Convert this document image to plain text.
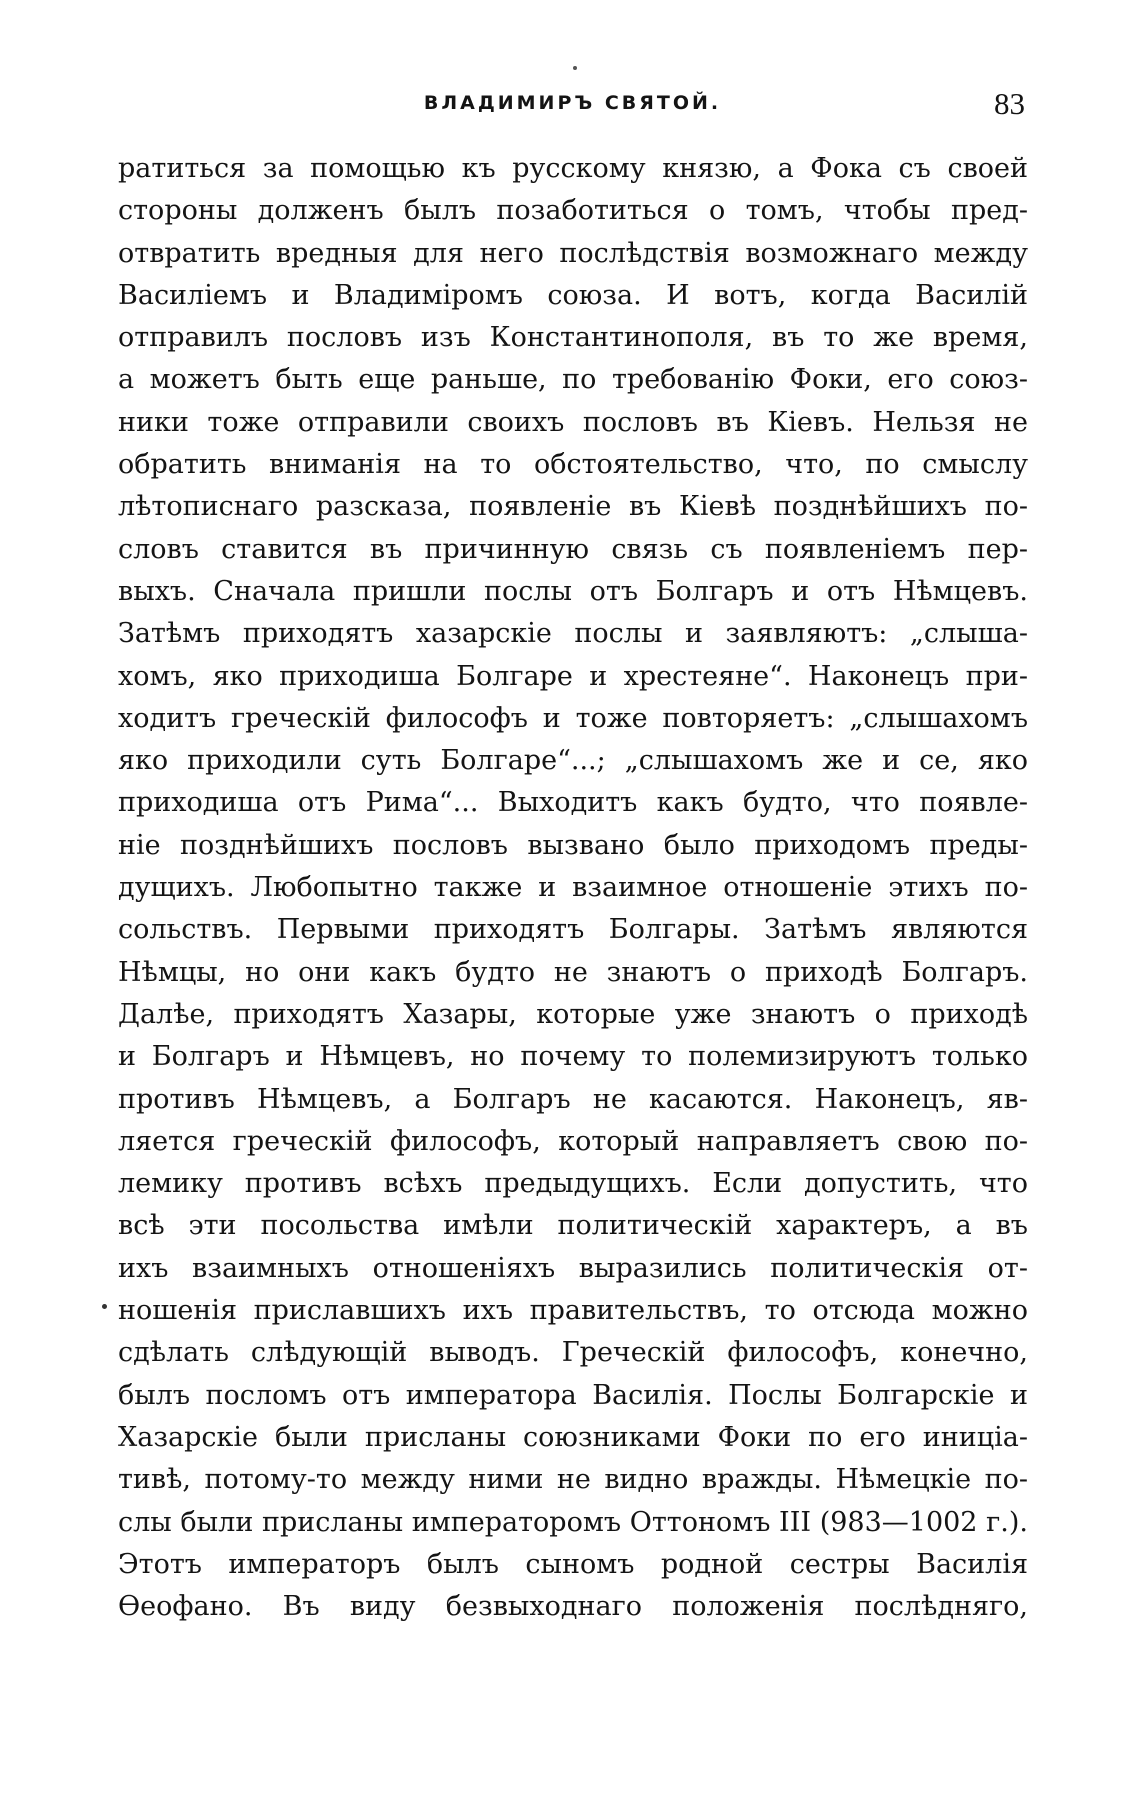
ВЛАДИМИРЪ СВЯТОЙ.	83
ратиться за помощью къ русскому князю, а Фока съ своей
стороны долженъ былъ позаботиться о томъ, чтобы пред-
отвратить вредныя для него послѣдствія возможнаго между
Василіемъ и Владиміромъ союза. И вотъ, когда Василій
отправилъ пословъ изъ Константинополя, въ то же время,
а можетъ быть еще раньше, по требованію Фоки, его союз-
ники тоже отправили своихъ пословъ въ Кіевъ. Нельзя не
обратить вниманія на то обстоятельство, что, по смыслу
лѣтописнаго разсказа, появленіе въ Кіевѣ позднѣйшихъ по-
словъ ставится въ причинную связь съ появленіемъ пер-
выхъ. Сначала пришли послы отъ Болгаръ и отъ Нѣмцевъ.
Затѣмъ приходятъ хазарскіе послы и заявляютъ: „слыша-
хомъ, яко приходиша Болгаре и хрестеяне“. Наконецъ при-
ходитъ греческій философъ и тоже повторяетъ: „слышахомъ
яко приходили суть Болгаре“...; „слышахомъ же и се, яко
приходиша отъ Рима“... Выходитъ какъ будто, что появле-
ніе позднѣйшихъ пословъ вызвано было приходомъ преды-
дущихъ. Любопытно также и взаимное отношеніе этихъ по-
сольствъ. Первыми приходятъ Болгары. Затѣмъ являются
Нѣмцы, но они какъ будто не знаютъ о приходѣ Болгаръ.
Далѣе, приходятъ Хазары, которые уже знаютъ о приходѣ
и Болгаръ и Нѣмцевъ, но почему то полемизируютъ только
противъ Нѣмцевъ, а Болгаръ не касаются. Наконецъ, яв-
ляется греческій философъ, который направляетъ свою по-
лемику противъ всѣхъ предыдущихъ. Если допустить, что
всѣ эти посольства имѣли политическій характеръ, а въ
ихъ взаимныхъ отношеніяхъ выразились политическія от-
ношенія приславшихъ ихъ правительствъ, то отсюда можно
сдѣлать слѣдующій выводъ. Греческій философъ, конечно,
былъ посломъ отъ императора Василія. Послы Болгарскіе и
Хазарскіе были присланы союзниками Фоки по его иниціа-
тивѣ, потому-то между ними не видно вражды. Нѣмецкіе по-
слы были присланы императоромъ Оттономъ III (983—1002 г.).
Этотъ императоръ былъ сыномъ родной сестры Василія
Ѳеофано. Въ виду безвыходнаго положенія послѣдняго,
